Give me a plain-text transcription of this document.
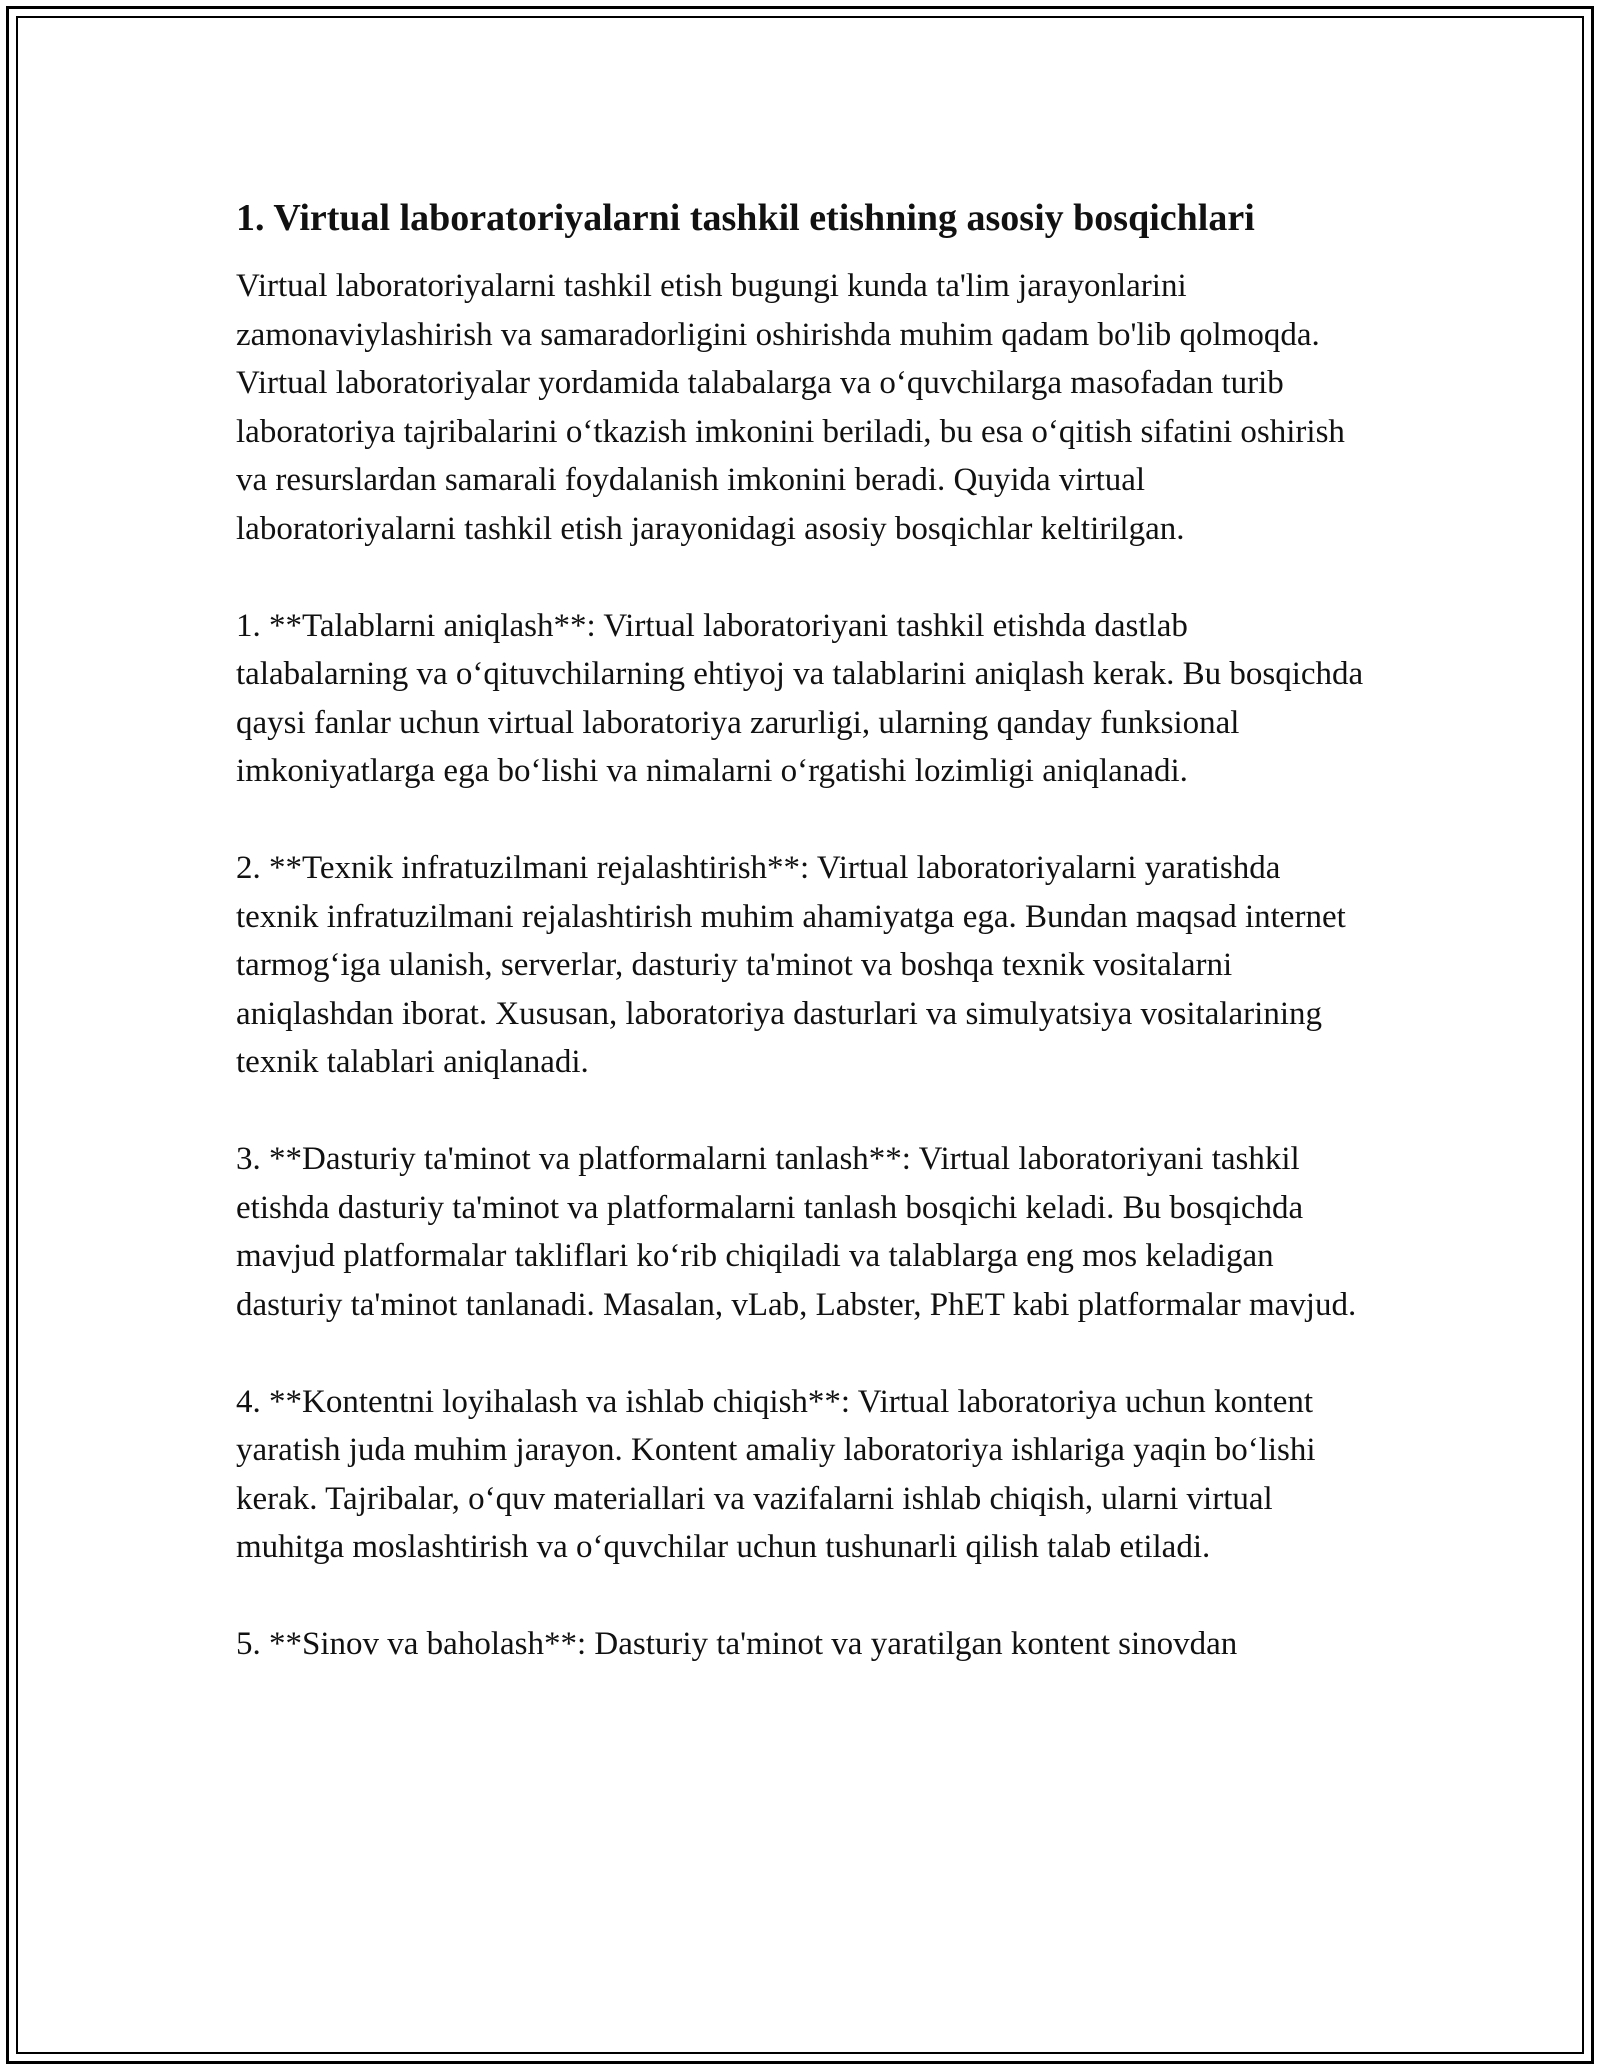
1. Virtual laboratoriyalarni tashkil etishning asosiy bosqichlari

Virtual laboratoriyalarni tashkil etish bugungi kunda ta'lim jarayonlarini zamonaviylashirish va samaradorligini oshirishda muhim qadam bo'lib qolmoqda. Virtual laboratoriyalar yordamida talabalarga va o‘quvchilarga masofadan turib laboratoriya tajribalarini o‘tkazish imkonini beriladi, bu esa o‘qitish sifatini oshirish va resurslardan samarali foydalanish imkonini beradi. Quyida virtual laboratoriyalarni tashkil etish jarayonidagi asosiy bosqichlar keltirilgan.

1. **Talablarni aniqlash**: Virtual laboratoriyani tashkil etishda dastlab talabalarning va o‘qituvchilarning ehtiyoj va talablarini aniqlash kerak. Bu bosqichda qaysi fanlar uchun virtual laboratoriya zarurligi, ularning qanday funksional imkoniyatlarga ega bo‘lishi va nimalarni o‘rgatishi lozimligi aniqlanadi.

2. **Texnik infratuzilmani rejalashtirish**: Virtual laboratoriyalarni yaratishda texnik infratuzilmani rejalashtirish muhim ahamiyatga ega. Bundan maqsad internet tarmog‘iga ulanish, serverlar, dasturiy ta'minot va boshqa texnik vositalarni aniqlashdan iborat. Xususan, laboratoriya dasturlari va simulyatsiya vositalarining texnik talablari aniqlanadi.

3. **Dasturiy ta'minot va platformalarni tanlash**: Virtual laboratoriyani tashkil etishda dasturiy ta'minot va platformalarni tanlash bosqichi keladi. Bu bosqichda mavjud platformalar takliflari ko‘rib chiqiladi va talablarga eng mos keladigan dasturiy ta'minot tanlanadi. Masalan, vLab, Labster, PhET kabi platformalar mavjud.

4. **Kontentni loyihalash va ishlab chiqish**: Virtual laboratoriya uchun kontent yaratish juda muhim jarayon. Kontent amaliy laboratoriya ishlariga yaqin bo‘lishi kerak. Tajribalar, o‘quv materiallari va vazifalarni ishlab chiqish, ularni virtual muhitga moslashtirish va o‘quvchilar uchun tushunarli qilish talab etiladi.

5. **Sinov va baholash**: Dasturiy ta'minot va yaratilgan kontent sinovdan
